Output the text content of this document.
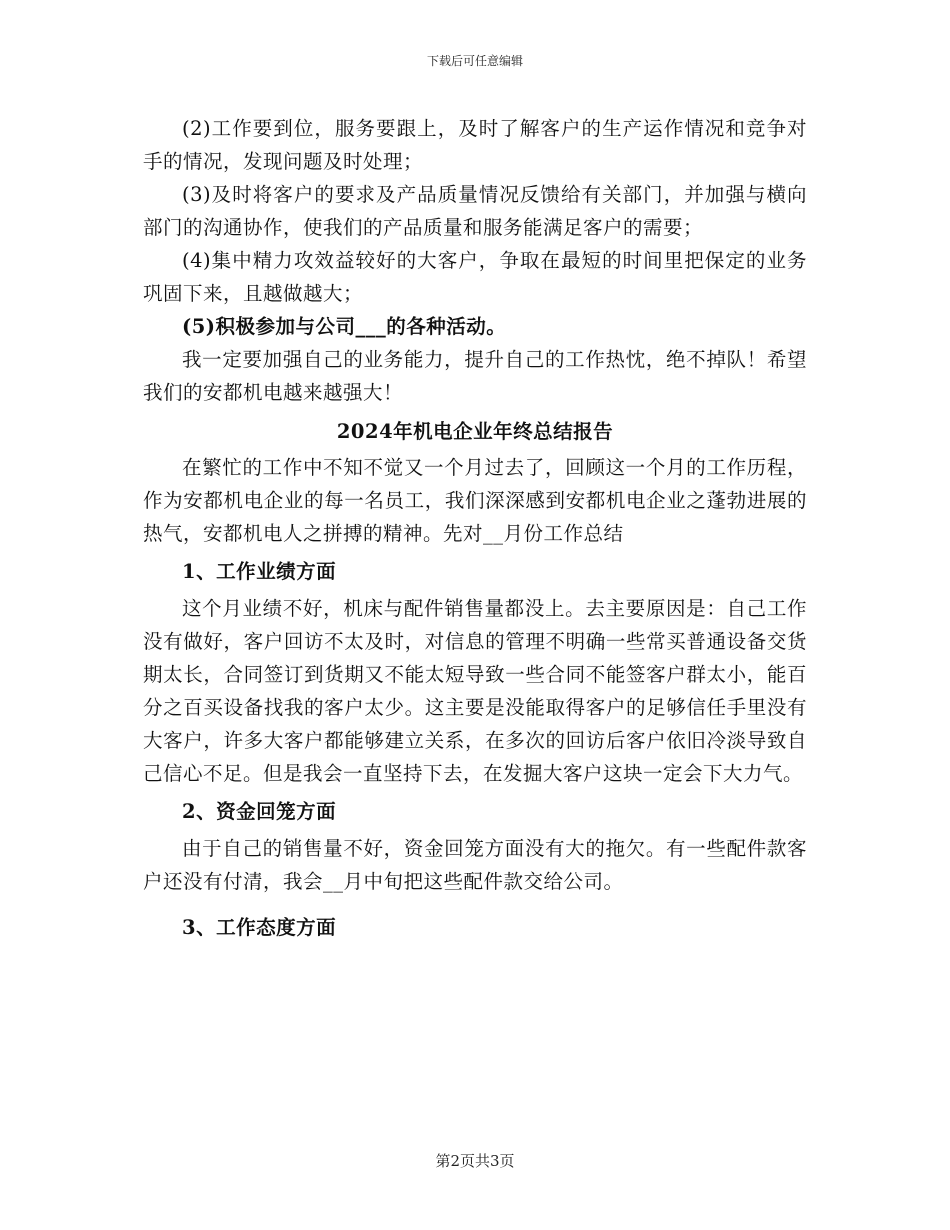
下载后可任意编辑

(2)工作要到位，服务要跟上，及时了解客户的生产运作情况和竞争对手的情况，发现问题及时处理；

(3)及时将客户的要求及产品质量情况反馈给有关部门，并加强与横向部门的沟通协作，使我们的产品质量和服务能满足客户的需要；

(4)集中精力攻效益较好的大客户，争取在最短的时间里把保定的业务巩固下来，且越做越大；

(5)积极参加与公司___的各种活动。

我一定要加强自己的业务能力，提升自己的工作热忱，绝不掉队！希望我们的安都机电越来越强大！

2024年机电企业年终总结报告

在繁忙的工作中不知不觉又一个月过去了，回顾这一个月的工作历程，作为安都机电企业的每一名员工，我们深深感到安都机电企业之蓬勃进展的热气，安都机电人之拼搏的精神。先对__月份工作总结

1、工作业绩方面

这个月业绩不好，机床与配件销售量都没上。去主要原因是：自己工作没有做好，客户回访不太及时，对信息的管理不明确一些常买普通设备交货期太长，合同签订到货期又不能太短导致一些合同不能签客户群太小，能百分之百买设备找我的客户太少。这主要是没能取得客户的足够信任手里没有大客户，许多大客户都能够建立关系，在多次的回访后客户依旧冷淡导致自己信心不足。但是我会一直坚持下去，在发掘大客户这块一定会下大力气。

2、资金回笼方面

由于自己的销售量不好，资金回笼方面没有大的拖欠。有一些配件款客户还没有付清，我会__月中旬把这些配件款交给公司。

3、工作态度方面
第2页共3页
